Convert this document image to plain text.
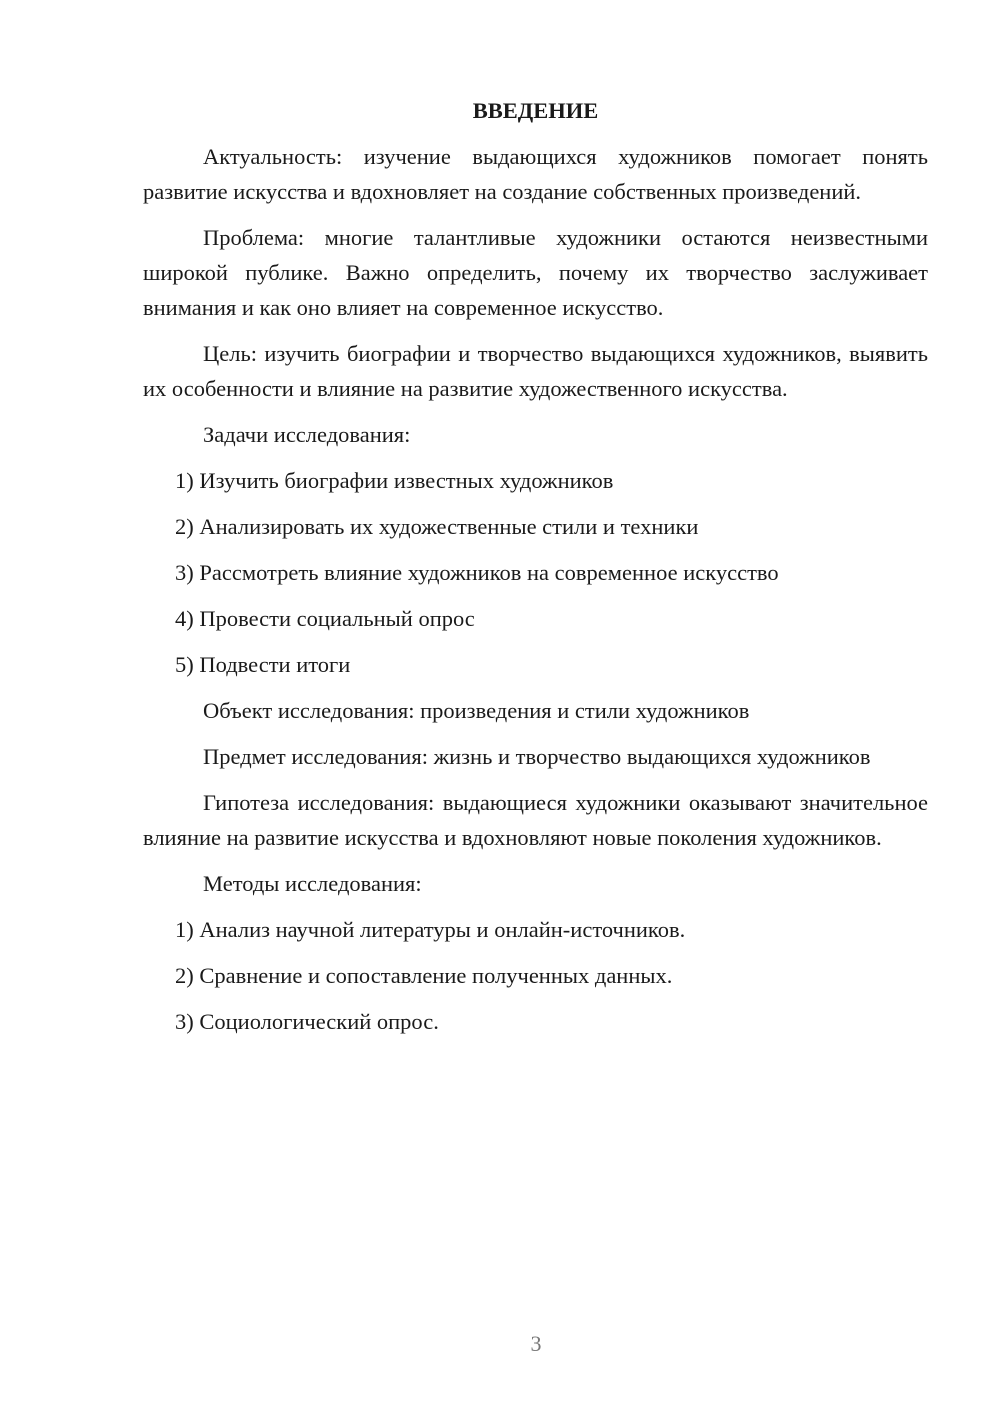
ВВЕДЕНИЕ

Актуальность: изучение выдающихся художников помогает понять развитие искусства и вдохновляет на создание собственных произведений.

Проблема: многие талантливые художники остаются неизвестными широкой публике. Важно определить, почему их творчество заслуживает внимания и как оно влияет на современное искусство.

Цель: изучить биографии и творчество выдающихся художников, выявить их особенности и влияние на развитие художественного искусства.

Задачи исследования:
1) Изучить биографии известных художников
2) Анализировать их художественные стили и техники
3) Рассмотреть влияние художников на современное искусство
4) Провести социальный опрос
5) Подвести итоги
Объект исследования: произведения и стили художников

Предмет исследования: жизнь и творчество выдающихся художников

Гипотеза исследования: выдающиеся художники оказывают значительное влияние на развитие искусства и вдохновляют новые поколения художников.

Методы исследования:
1) Анализ научной литературы и онлайн-источников.
2) Сравнение и сопоставление полученных данных.
3) Социологический опрос.
3
